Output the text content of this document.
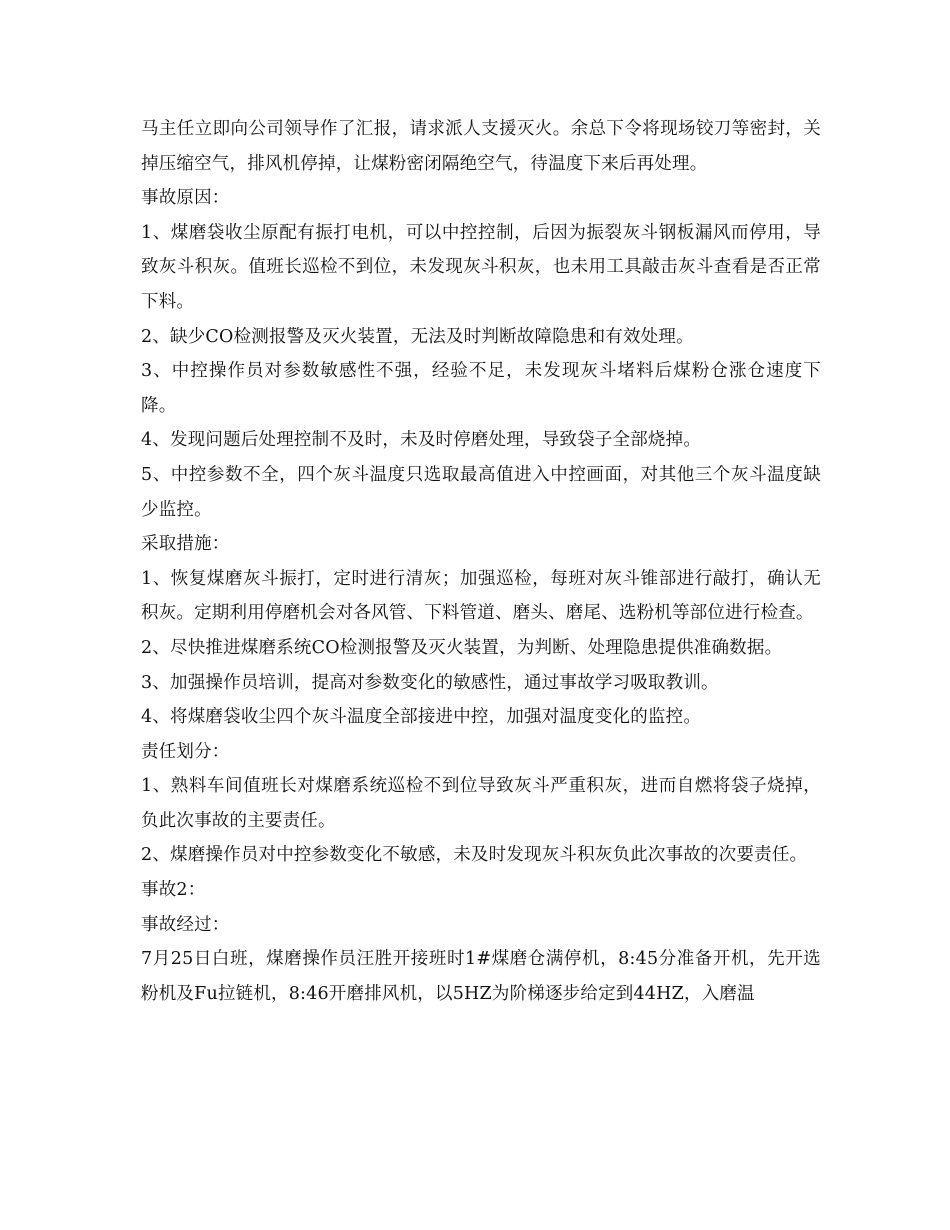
马主任立即向公司领导作了汇报，请求派人支援灭火。余总下令将现场铰刀等密封，关掉压缩空气，排风机停掉，让煤粉密闭隔绝空气，待温度下来后再处理。

事故原因：

1、煤磨袋收尘原配有振打电机，可以中控控制，后因为振裂灰斗钢板漏风而停用，导致灰斗积灰。值班长巡检不到位，未发现灰斗积灰，也未用工具敲击灰斗查看是否正常下料。

2、缺少CO检测报警及灭火装置，无法及时判断故障隐患和有效处理。

3、中控操作员对参数敏感性不强，经验不足，未发现灰斗堵料后煤粉仓涨仓速度下降。

4、发现问题后处理控制不及时，未及时停磨处理，导致袋子全部烧掉。

5、中控参数不全，四个灰斗温度只选取最高值进入中控画面，对其他三个灰斗温度缺少监控。

采取措施：

1、恢复煤磨灰斗振打，定时进行清灰；加强巡检，每班对灰斗锥部进行敲打，确认无积灰。定期利用停磨机会对各风管、下料管道、磨头、磨尾、选粉机等部位进行检查。

2、尽快推进煤磨系统CO检测报警及灭火装置，为判断、处理隐患提供准确数据。

3、加强操作员培训，提高对参数变化的敏感性，通过事故学习吸取教训。

4、将煤磨袋收尘四个灰斗温度全部接进中控，加强对温度变化的监控。

责任划分：

1、熟料车间值班长对煤磨系统巡检不到位导致灰斗严重积灰，进而自燃将袋子烧掉，负此次事故的主要责任。

2、煤磨操作员对中控参数变化不敏感，未及时发现灰斗积灰负此次事故的次要责任。

事故2：

事故经过：

7月25日白班，煤磨操作员汪胜开接班时1#煤磨仓满停机，8:45分准备开机，先开选粉机及Fu拉链机，8:46开磨排风机，以5HZ为阶梯逐步给定到44HZ，入磨温
